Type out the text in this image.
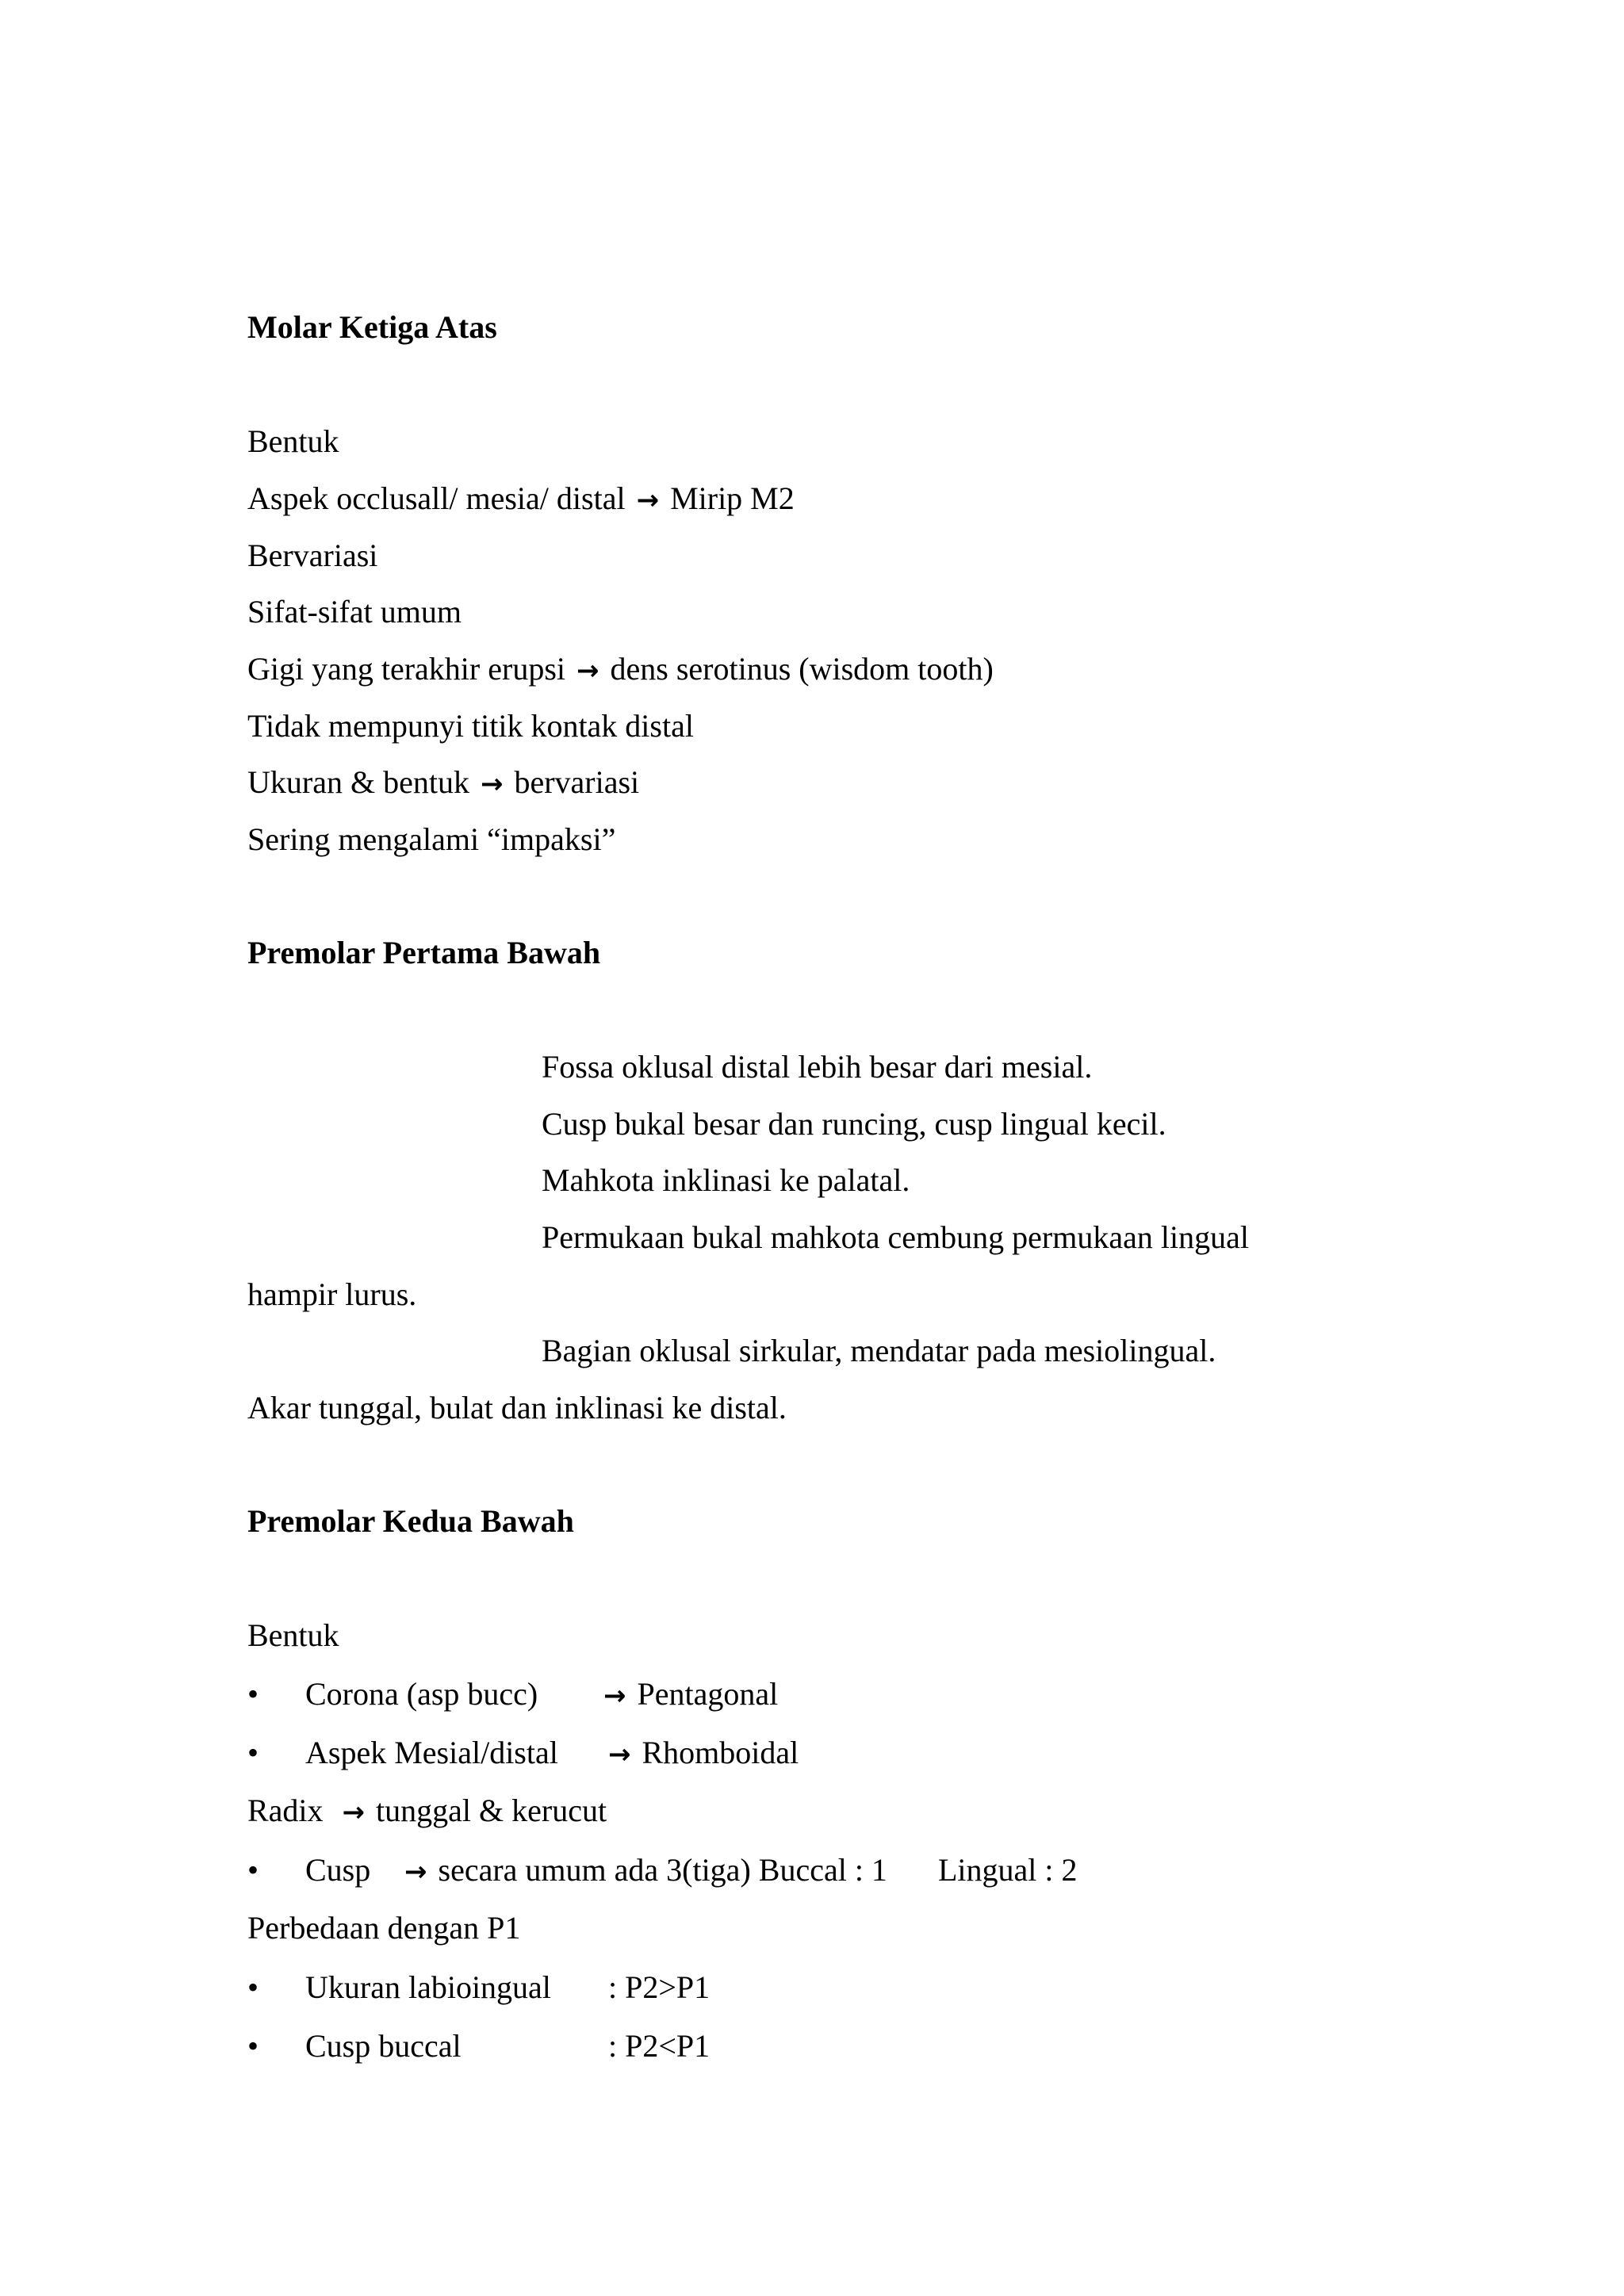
Molar Ketiga Atas
Bentuk
Aspek occlusall/ mesia/ distal → Mirip M2
Bervariasi
Sifat-sifat umum
Gigi yang terakhir erupsi → dens serotinus (wisdom tooth)
Tidak mempunyi titik kontak distal
Ukuran & bentuk → bervariasi
Sering mengalami “impaksi”
Premolar Pertama Bawah
Fossa oklusal distal lebih besar dari mesial.
Cusp bukal besar dan runcing, cusp lingual kecil.
Mahkota inklinasi ke palatal.
Permukaan bukal mahkota cembung permukaan lingual
hampir lurus.
Bagian oklusal sirkular, mendatar pada mesiolingual.
Akar tunggal, bulat dan inklinasi ke distal.
Premolar Kedua Bawah
Bentuk
• Corona (asp bucc) → Pentagonal
• Aspek Mesial/distal → Rhomboidal
Radix → tunggal & kerucut
• Cusp → secara umum ada 3(tiga) Buccal : 1 Lingual : 2
Perbedaan dengan P1
• Ukuran labioingual : P2>P1
• Cusp buccal	: P2<P1
